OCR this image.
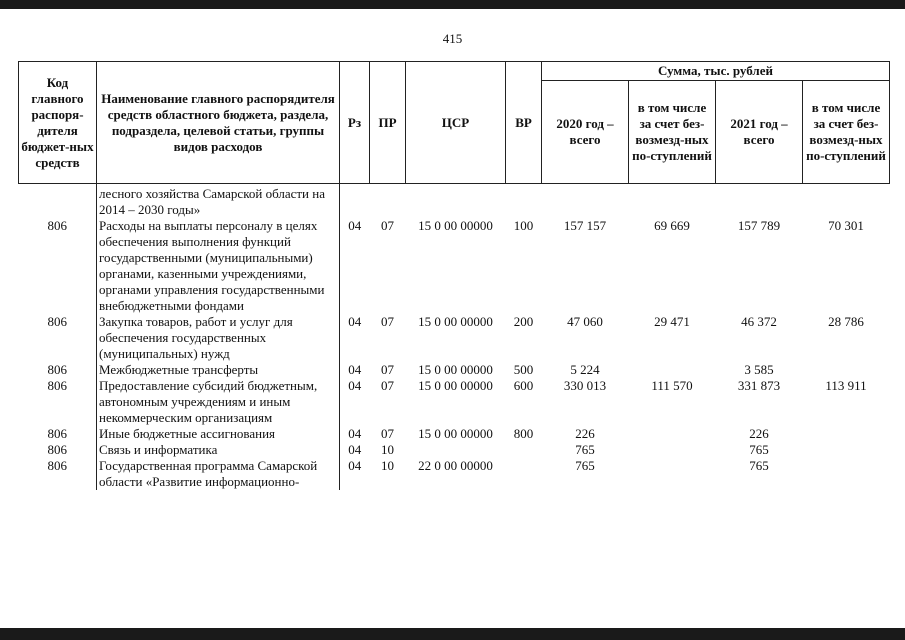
415
Код главного распоря-дителя бюджет-ных средств	Наименование главного распорядителя средств областного бюджета, раздела, подраздела, целевой статьи, группы видов расходов	Рз	ПР	ЦСР	ВР	Сумма, тыс. рублей			
						2020 год – всего	в том числе за счет без-возмезд-ных по-ступлений	2021 год – всего	в том числе за счет без-возмезд-ных по-ступлений
	лесного хозяйства Самарской области на 2014 – 2030 годы»								
806	Расходы на выплаты персоналу в целях обеспечения выполнения функций государственными (муниципальными) органами, казенными учреждениями, органами управления государственными внебюджетными фондами	04	07	15 0 00 00000	100	157 157	69 669	157 789	70 301
806	Закупка товаров, работ и услуг для обеспечения государственных (муниципальных) нужд	04	07	15 0 00 00000	200	47 060	29 471	46 372	28 786
806	Межбюджетные трансферты	04	07	15 0 00 00000	500	5 224		3 585	
806	Предоставление субсидий бюджетным, автономным учреждениям и иным некоммерческим организациям	04	07	15 0 00 00000	600	330 013	111 570	331 873	113 911
806	Иные бюджетные ассигнования	04	07	15 0 00 00000	800	226		226	
806	Связь и информатика	04	10			765		765	
806	Государственная программа Самарской области «Развитие информационно-	04	10	22 0 00 00000		765		765	
